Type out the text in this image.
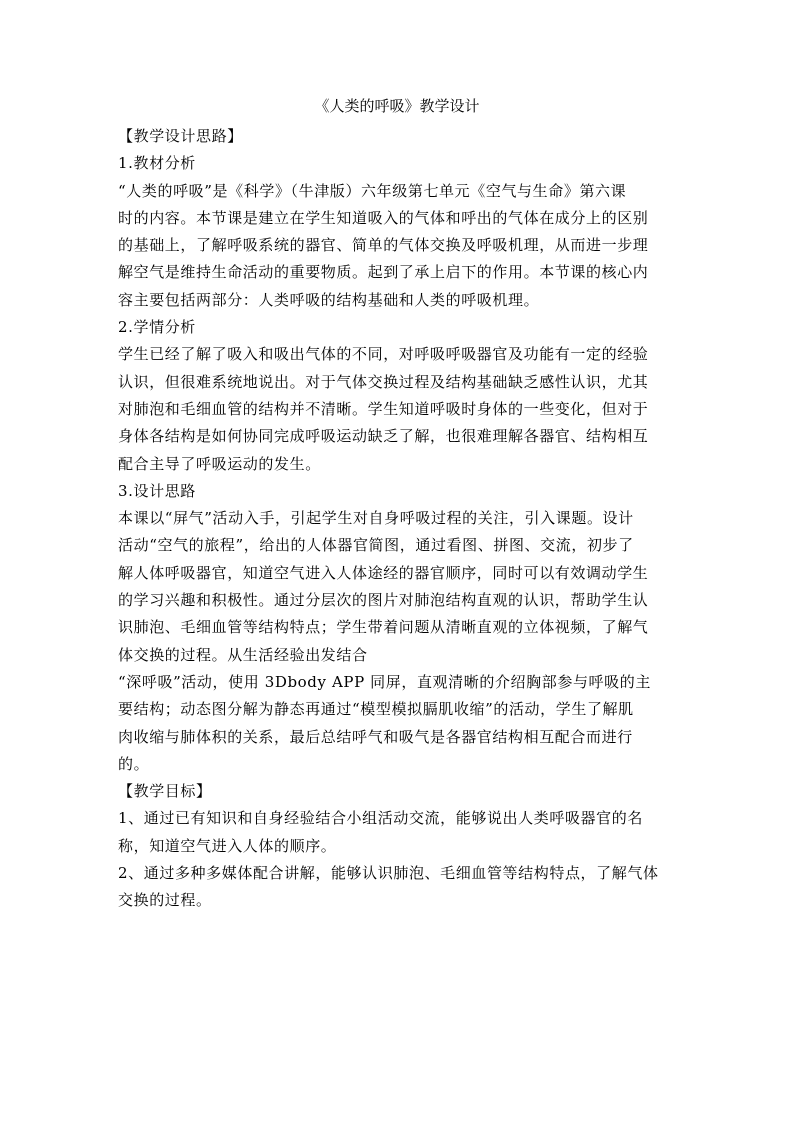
《人类的呼吸》教学设计
【教学设计思路】
1.教材分析
“人类的呼吸”是《科学》（牛津版）六年级第七单元《空气与生命》第六课
时的内容。本节课是建立在学生知道吸入的气体和呼出的气体在成分上的区别
的基础上，了解呼吸系统的器官、简单的气体交换及呼吸机理，从而进一步理
解空气是维持生命活动的重要物质。起到了承上启下的作用。本节课的核心内
容主要包括两部分：人类呼吸的结构基础和人类的呼吸机理。
2.学情分析
学生已经了解了吸入和吸出气体的不同，对呼吸呼吸器官及功能有一定的经验
认识，但很难系统地说出。对于气体交换过程及结构基础缺乏感性认识，尤其
对肺泡和毛细血管的结构并不清晰。学生知道呼吸时身体的一些变化，但对于
身体各结构是如何协同完成呼吸运动缺乏了解，也很难理解各器官、结构相互
配合主导了呼吸运动的发生。
3.设计思路
本课以“屏气”活动入手，引起学生对自身呼吸过程的关注，引入课题。设计
活动“空气的旅程”，给出的人体器官简图，通过看图、拼图、交流，初步了
解人体呼吸器官，知道空气进入人体途经的器官顺序，同时可以有效调动学生
的学习兴趣和积极性。通过分层次的图片对肺泡结构直观的认识，帮助学生认
识肺泡、毛细血管等结构特点；学生带着问题从清晰直观的立体视频，了解气
体交换的过程。从生活经验出发结合
“深呼吸”活动，使用 3Dbody APP 同屏，直观清晰的介绍胸部参与呼吸的主
要结构；动态图分解为静态再通过“模型模拟膈肌收缩”的活动，学生了解肌
肉收缩与肺体积的关系，最后总结呼气和吸气是各器官结构相互配合而进行
的。
【教学目标】
1、通过已有知识和自身经验结合小组活动交流，能够说出人类呼吸器官的名
称，知道空气进入人体的顺序。
2、通过多种多媒体配合讲解，能够认识肺泡、毛细血管等结构特点，了解气体
交换的过程。
